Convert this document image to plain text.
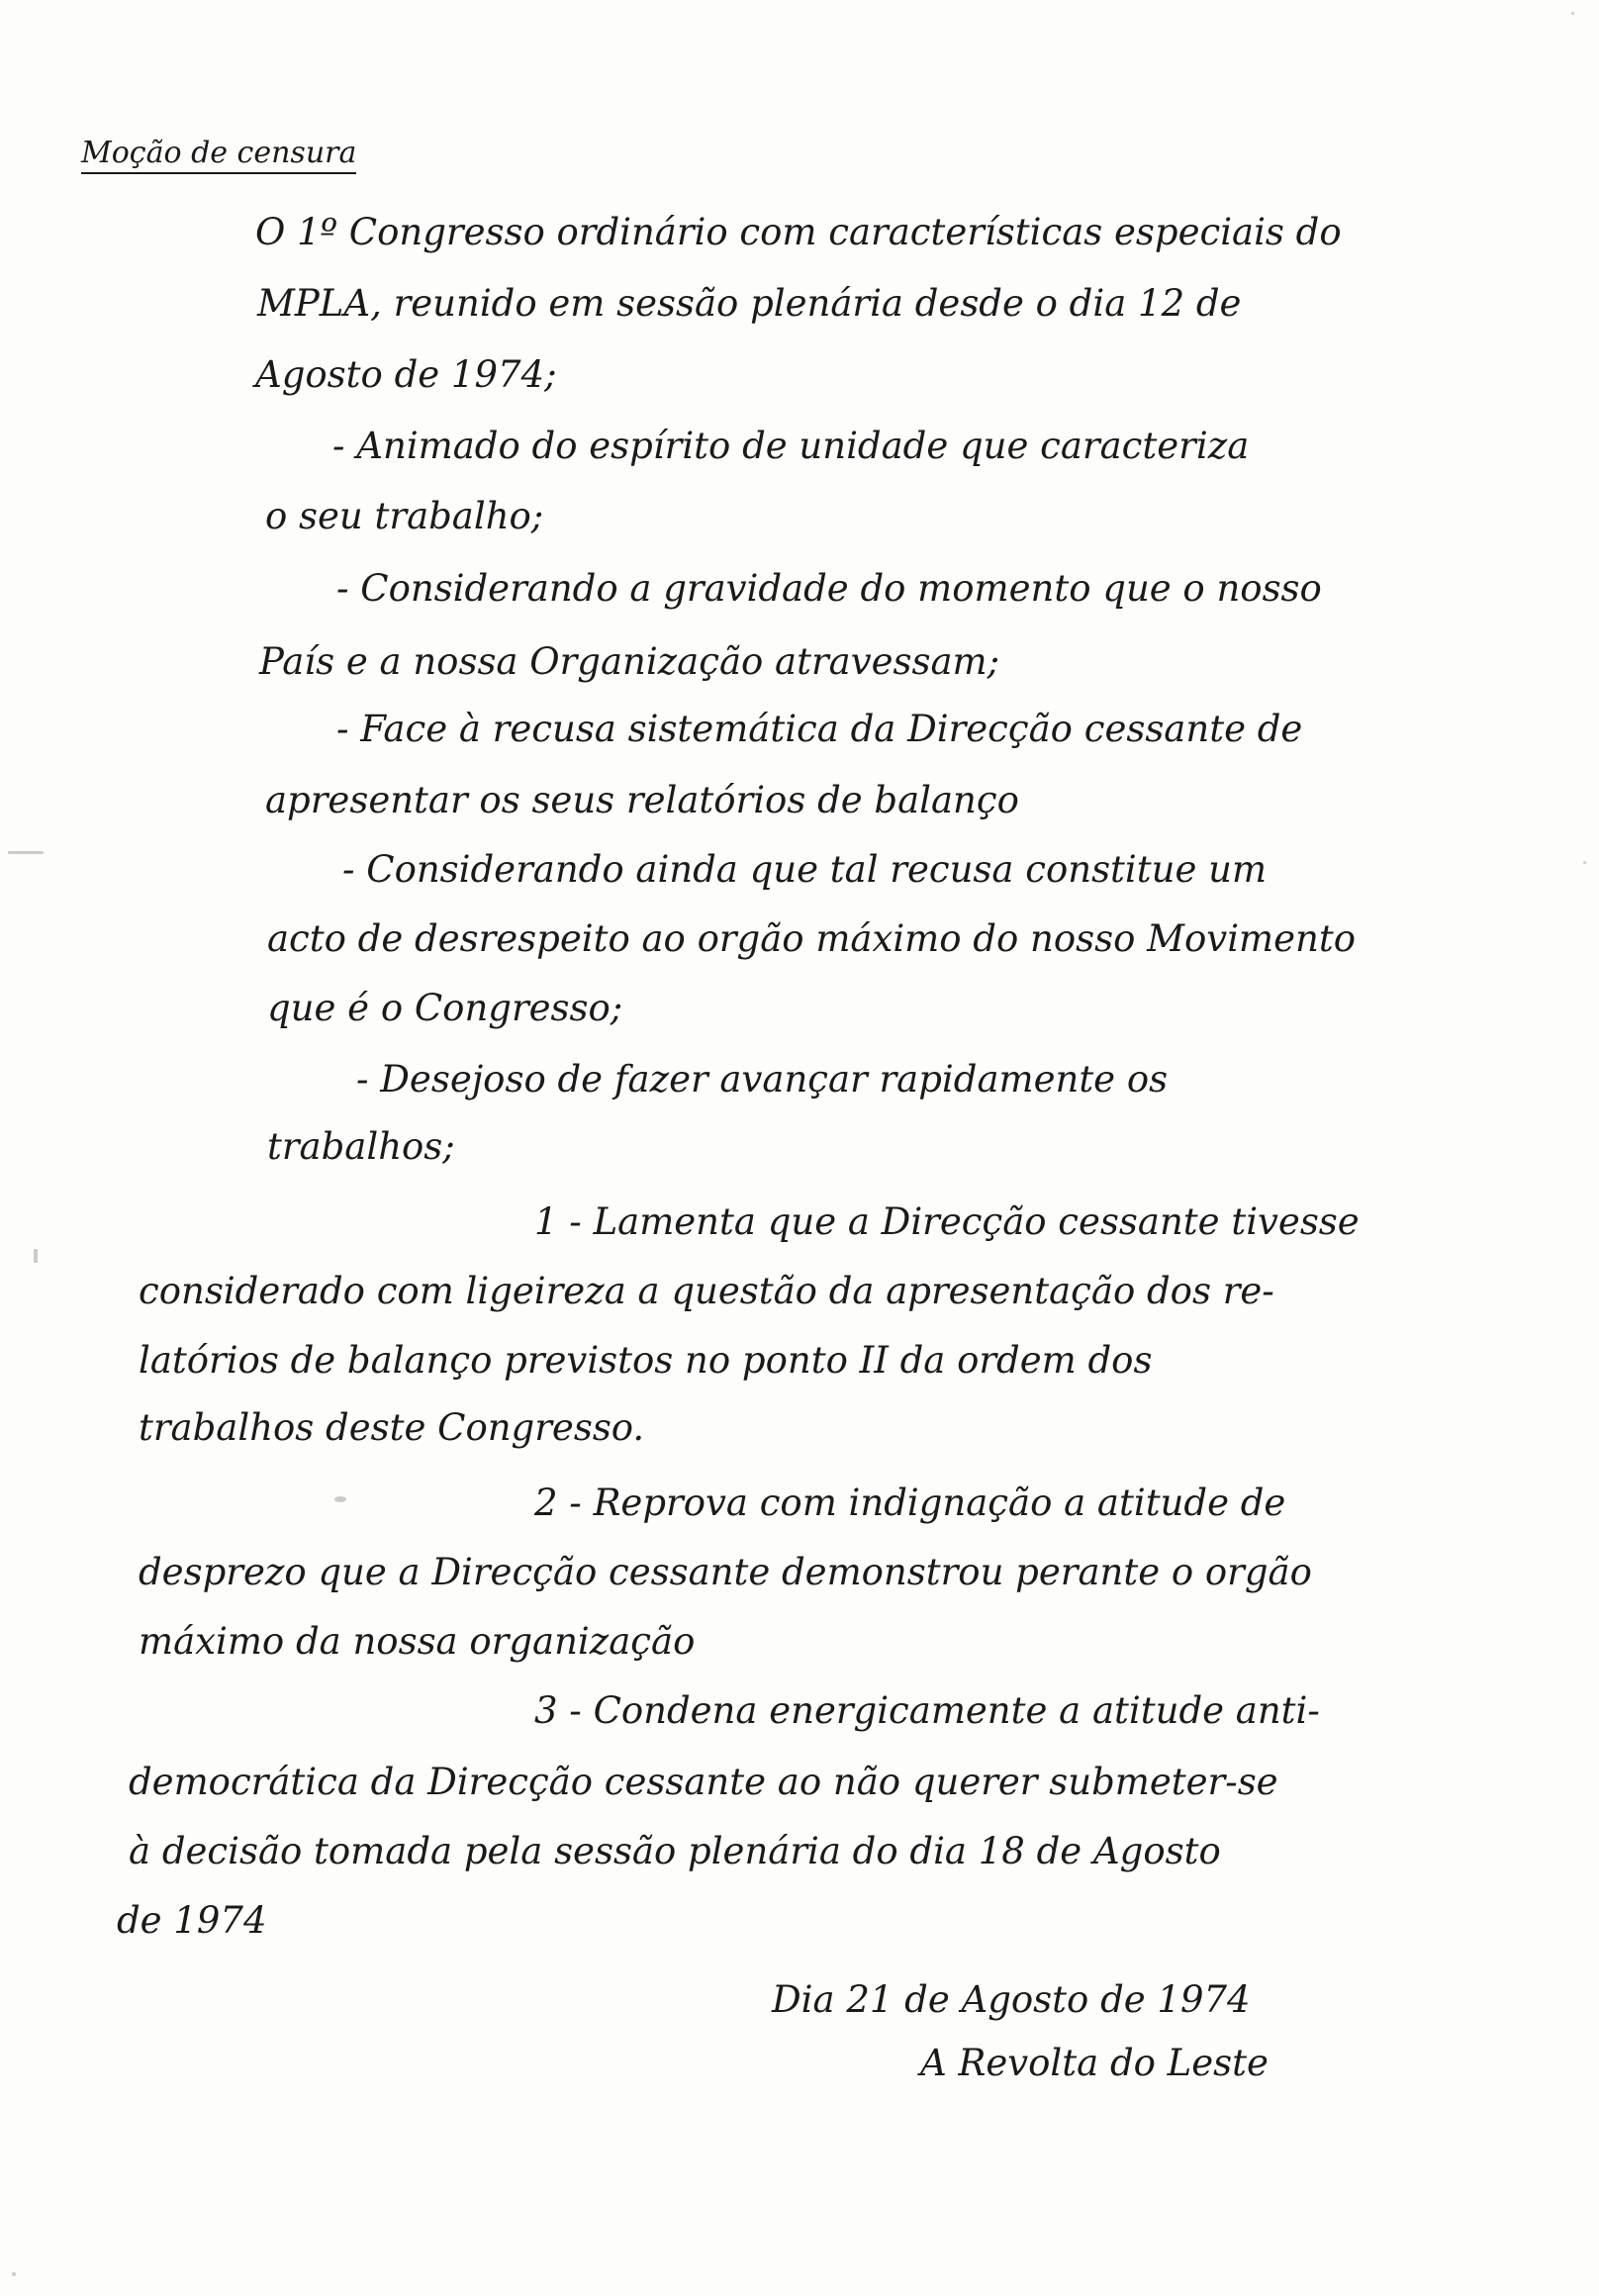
Moção de censura
O 1º Congresso ordinário com características especiais do
MPLA, reunido em sessão plenária desde o dia 12 de
Agosto de 1974;
- Animado do espírito de unidade que caracteriza
o seu trabalho;
- Considerando a gravidade do momento que o nosso
País e a nossa Organização atravessam;
- Face à recusa sistemática da Direcção cessante de
apresentar os seus relatórios de balanço
- Considerando ainda que tal recusa constitue um
acto de desrespeito ao orgão máximo do nosso Movimento
que é o Congresso;
- Desejoso de fazer avançar rapidamente os
trabalhos;
1 - Lamenta que a Direcção cessante tivesse
considerado com ligeireza a questão da apresentação dos re-
latórios de balanço previstos no ponto II da ordem dos
trabalhos deste Congresso.
2 - Reprova com indignação a atitude de
desprezo que a Direcção cessante demonstrou perante o orgão
máximo da nossa organização
3 - Condena energicamente a atitude anti-
democrática da Direcção cessante ao não querer submeter-se
à decisão tomada pela sessão plenária do dia 18 de Agosto
de 1974
Dia 21 de Agosto de 1974
A Revolta do Leste
